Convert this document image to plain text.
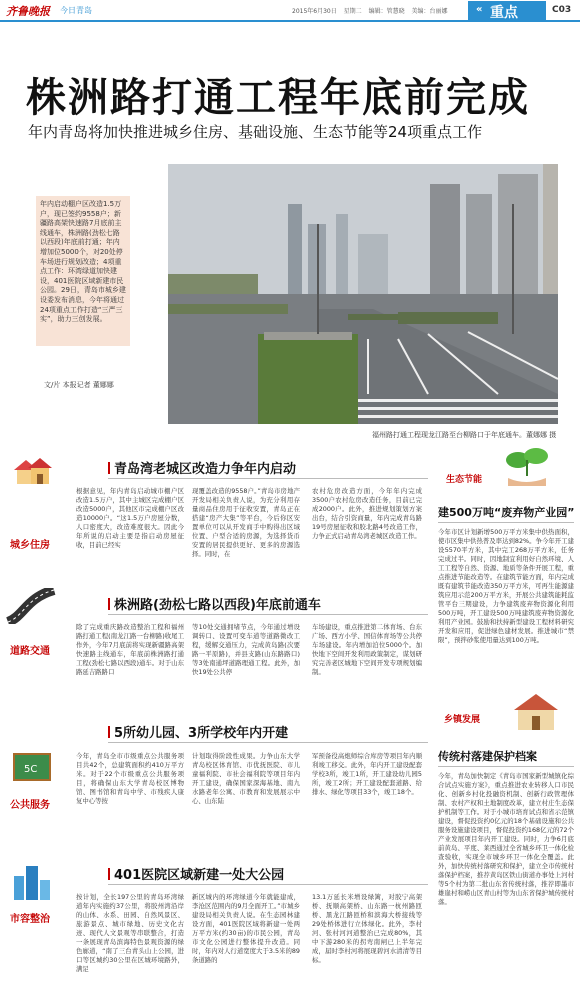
齐鲁晚报 今日青岛	2015年6月30日 星期二 编辑：管慧晓 美编：台丽娜	« 重点	C03
株洲路打通工程年底前完成
年内青岛将加快推进城乡住房、基础设施、生态节能等24项重点工作
年内启动棚户区改造1.5万户，现已签约9558户；新疆路高架快速路7月底前主线通车，株洲路(劲松七路以西段)年底前打通；年内增加位5000个，对20处停车场进行规划改造；4项重点工作：环湾绿道加快建设，401医院区域新建市民公园。29日，青岛市城乡建设委发布消息，今年将通过24项重点工作打造“三严三实”，助力三创发展。
文/片 本报记者 董娜娜
福州路打通工程现龙江路至台柳路口于年底通车。董娜娜 摄
城乡住房
道路交通
5C
公共服务
市容整治
青岛湾老城区改造力争年内启动
根据意见，年内青岛启动城市棚户区改造1.5万户，其中主城区完成棚户区改造5000户，其他区市完成棚户区改造10000户。“这1.5万户房屋分数，人口密度大，改造难度很大。因此今年所说的启动主要是指启动房屋征收，目前已经实
现覆盖改造的9558户。”青岛市房地产开发局相关负责人说，为充分利用存量商品住房用于征收安置，青岛正在搭建“房产大集”等平台，今后你区安置单位可以从开发商手中购得出区域位置、户型合适的房源，为选择货币安置的居民提供更好、更多的房源选择。同时，在
农村危房改造方面，今年年内完成3500户农村危房改造任务，目前已完成2000户。此外，推进规划策划方案出台，结合引资商量，年内完成青岛路19号房屋征收和胶北路4号改造工作，力争正式启动青岛湾老城区改造工作。
株洲路(劲松七路以西段)年底前通车
除了完成重庆路改造整治工程和福州路打通工程(南龙江路一台柳路)收尾工作外，今年7月底前将实现新疆路高架快速路主线通车，年底前株洲路打通工程(劲松七路以西段)通车。对于山东路延吉路路口
等10处交通拥堵节点，今年通过增设调转口、设置可变车道等道路微改工程，缓解交通压力，完成黄岛路(次要路一平原路)，并县支路(山东路路口)等3处南通坪道路理通工程。此外，加快19处公共停
车场建设，重点推进第二体育场、台东广场、西方小学、国信体育场等公共停车场建设。年内增加泊位5000个。加快地下空间开发利用政策制定，谋划研究完善老区城地下空间开发专项规划编制。
5所幼儿园、3所学校年内开建
今年，青岛全市市级重点公共服务项目共42个，总建筑面积约410万平方米。对于22个市级重点公共服务项目，将确保山东大学青岛校区博物馆、图书馆和青岛中学、市残疾人康复中心等按
计划取得阶段性成果。力争山东大学青岛校区体育馆、市优抚医院、市儿童福利院、市社会福利院等项目年内开工建设，确保国家深海基地、南九水路老年公寓、市教育和发展展示中心、山东陆
军预备役高炮师综合库房等项目年内顺利竣工移交。此外，年内开工建设配套学校3所，竣工1所，开工建设幼儿园5所，竣工2所；开工建设配套道路、给排水、绿化等项目33个，竣工18个。
401医院区域新建一处大公园
按计划，全长197公里的青岛环湾绿道年内实施约37公里，将胶州湾沿岸的山体、水系、田园、自然风景区、旅游景点、城市绿地、历史文化古迹、现代人文景观等串联整合，打造一条展现青岛滨海特色景观资源的绿色廊道，“南了三台青头山上公园，进口等区城约30公里在区城环境路外，满足
新区城内的环湾绿道今年就能建成，李沧区范围内的9月全面开工。”市城乡建设局相关负责人说。在生态园林建设方面，401医院区域将新建一处两万平方米(约30亩)的市民公园，青岛市文化公园进行整体提升改造。同时，年内对人行道宽度大于3.5米的89条道路的
13.1万延长米增设绿篱，对胶宁高架桥、抚顺高架桥、山东路一杭州路匝桥、黑龙江路匝桥和滨海大桥接线等29处桥体进行立体绿化。此外，李村河、张村河河道整治已完成80%，其中下游280米的拐弯南闸已上半年完成，届时李村河将展现碧河水清清等目标。
生态节能
建500万吨“废弃物产业园”
今年市区计划新增500万平方米集中供热面积，使市区集中供热普及率达到82%。争今年开工建设5570平方米，其中完工268万平方米，任务完成过半。同时，因地制宜利用好自然环境、人工工程等自然、资源、地质等条件开展工程，重点推进节能改造等。在建筑节能方面，年内完成既有建筑节能改造350万平方米，可再生能源建筑应用示范200万平方米，开展公共建筑能耗监管平台三期建设，力争建筑废弃物资源化利用500万吨，开工建设500万吨建筑废弃物资源化利用产业园。鼓励和扶持新型建设工程材料研究开发和应用，促进绿色建材发展。推进城市“禁限”，预拌砂浆使用量达到100万吨。
乡镇发展
传统村落建保护档案
今年，青岛加快制定《青岛市国家新型城镇化综合试点实施方案》，重点推进农业转移人口市民化、创新乡村化投融资机制、创新行政管理体制、农村产权和土地制度改革，建立村庄生态保护机制等工作。对于小城市培育试点和省示范镇建设，督促投资约0亿元的18个基础设施和公共服务设施建设项目，督促投资约168亿元的72个产业发展项目年内开工建设。同时，力争6月底前黄岛、平度、莱西通过全省城乡环卫一体化检查验收，实现全市城乡环卫一体化全覆盖。此外，加快传统村落研究和保护，建立全市传统村落保护档案，推荐黄岛区铁山街道办事处上河村等5个村为第二批山东省传统村落，推荐即墨市雄崖村和崂山区青山村等为山东省保护城传统村落。
